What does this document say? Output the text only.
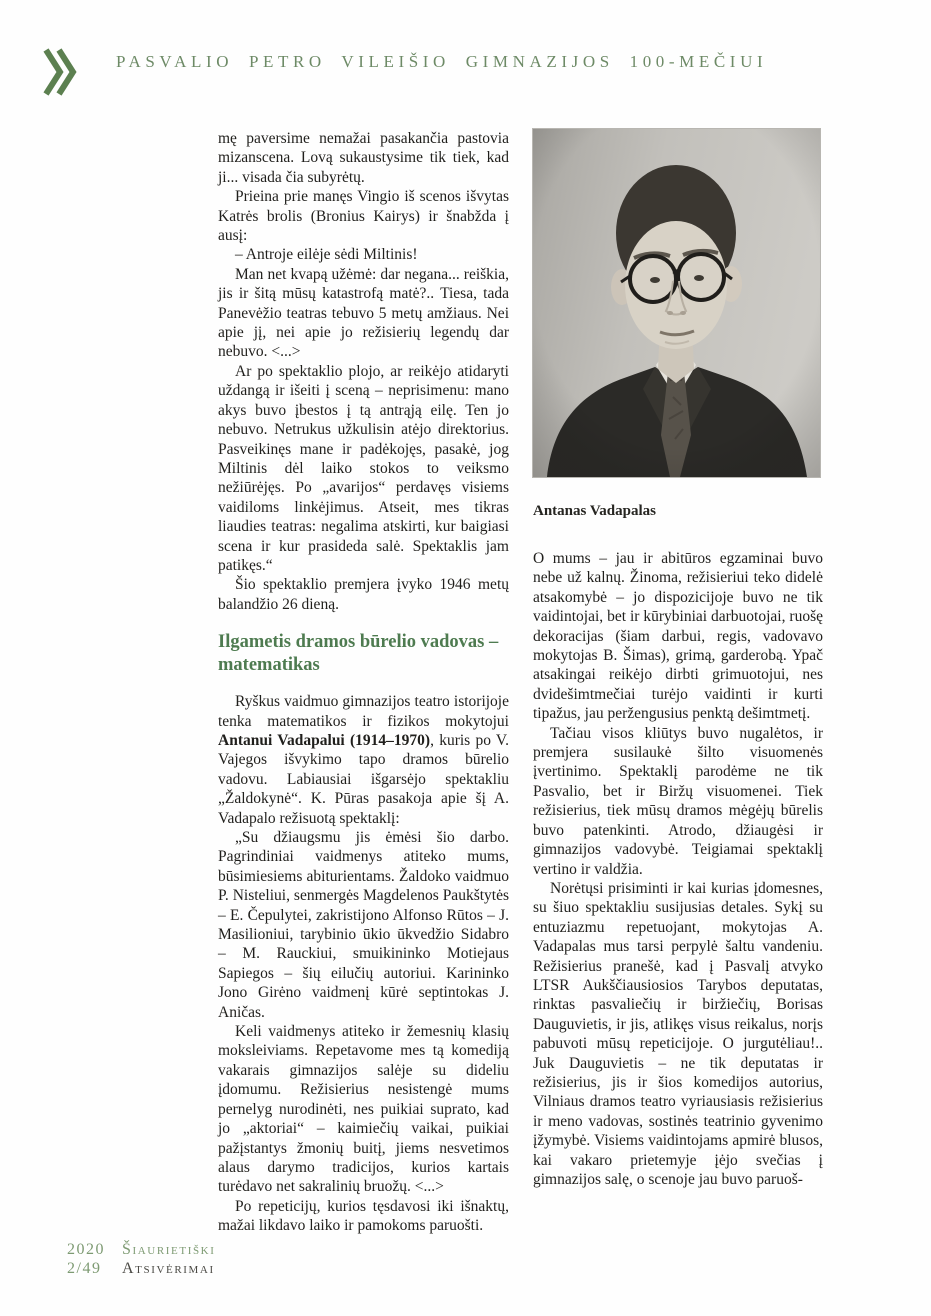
PASVALIO PETRO VILEIŠIO GIMNAZIJOS 100-MEČIUI

mę paversime nemažai pasakančia pastovia mizanscena. Lovą sukaustysime tik tiek, kad ji... visada čia subyrėtų.

Prieina prie manęs Vingio iš scenos išvytas Katrės brolis (Bronius Kairys) ir šnabžda į ausį:

– Antroje eilėje sėdi Miltinis!

Man net kvapą užėmė: dar negana... reiškia, jis ir šitą mūsų katastrofą matė?.. Tiesa, tada Panevėžio teatras tebuvo 5 metų amžiaus. Nei apie jį, nei apie jo režisierių legendų dar nebuvo. <...>

Ar po spektaklio plojo, ar reikėjo atidaryti uždangą ir išeiti į sceną – neprisimenu: mano akys buvo įbestos į tą antrąją eilę. Ten jo nebuvo. Netrukus užkulisin atėjo direktorius. Pasveikinęs mane ir padėkojęs, pasakė, jog Miltinis dėl laiko stokos to veiksmo nežiūrėjęs. Po „avarijos“ perdavęs visiems vaidiloms linkėjimus. Atseit, mes tikras liaudies teatras: negalima atskirti, kur baigiasi scena ir kur prasideda salė. Spektaklis jam patikęs.“

Šio spektaklio premjera įvyko 1946 metų balandžio 26 dieną.

Ilgametis dramos būrelio vadovas – matematikas

Ryškus vaidmuo gimnazijos teatro istorijoje tenka matematikos ir fizikos mokytojui Antanui Vadapalui (1914–1970), kuris po V. Vajegos išvykimo tapo dramos būrelio vadovu. Labiausiai išgarsėjo spektakliu „Žaldokynė“. K. Pūras pasakoja apie šį A. Vadapalo režisuotą spektaklį:

„Su džiaugsmu jis ėmėsi šio darbo. Pagrindiniai vaidmenys atiteko mums, būsimiesiems abiturientams. Žaldoko vaidmuo P. Nisteliui, senmergės Magdelenos Paukštytės – E. Čepulytei, zakristijono Alfonso Rūtos – J. Masilioniui, tarybinio ūkio ūkvedžio Sidabro – M. Rauckiui, smuikininko Motiejaus Sapiegos – šių eilučių autoriui. Karininko Jono Girėno vaidmenį kūrė septintokas J. Aničas.

Keli vaidmenys atiteko ir žemesnių klasių moksleiviams. Repetavome mes tą komediją vakarais gimnazijos salėje su dideliu įdomumu. Režisierius nesistengė mums pernelyg nurodinėti, nes puikiai suprato, kad jo „aktoriai“ – kaimiečių vaikai, puikiai pažįstantys žmonių buitį, jiems nesvetimos alaus darymo tradicijos, kurios kartais turėdavo net sakralinių bruožų. <...>

Po repeticijų, kurios tęsdavosi iki išnaktų, mažai likdavo laiko ir pamokoms paruošti.

Antanas Vadapalas

O mums – jau ir abitūros egzaminai buvo nebe už kalnų. Žinoma, režisieriui teko didelė atsakomybė – jo dispozicijoje buvo ne tik vaidintojai, bet ir kūrybiniai darbuotojai, ruošę dekoracijas (šiam darbui, regis, vadovavo mokytojas B. Šimas), grimą, garderobą. Ypač atsakingai reikėjo dirbti grimuotojui, nes dvidešimtmečiai turėjo vaidinti ir kurti tipažus, jau peržengusius penktą dešimtmetį.

Tačiau visos kliūtys buvo nugalėtos, ir premjera susilaukė šilto visuomenės įvertinimo. Spektaklį parodėme ne tik Pasvalio, bet ir Biržų visuomenei. Tiek režisierius, tiek mūsų dramos mėgėjų būrelis buvo patenkinti. Atrodo, džiaugėsi ir gimnazijos vadovybė. Teigiamai spektaklį vertino ir valdžia.

Norėtųsi prisiminti ir kai kurias įdomesnes, su šiuo spektakliu susijusias detales. Sykį su entuziazmu repetuojant, mokytojas A. Vadapalas mus tarsi perpylė šaltu vandeniu. Režisierius pranešė, kad į Pasvalį atvyko LTSR Aukščiausiosios Tarybos deputatas, rinktas pasvaliečių ir biržiečių, Borisas Dauguvietis, ir jis, atlikęs visus reikalus, norįs pabuvoti mūsų repeticijoje. O jurgutėliau!.. Juk Dauguvietis – ne tik deputatas ir režisierius, jis ir šios komedijos autorius, Vilniaus dramos teatro vyriausiasis režisierius ir meno vadovas, sostinės teatrinio gyvenimo įžymybė. Visiems vaidintojams apmirė blusos, kai vakaro prietemyje įėjo svečias į gimnazijos salę, o scenoje jau buvo paruoš-

2020	Šiaurietiški
2/49	Atsivėrimai
